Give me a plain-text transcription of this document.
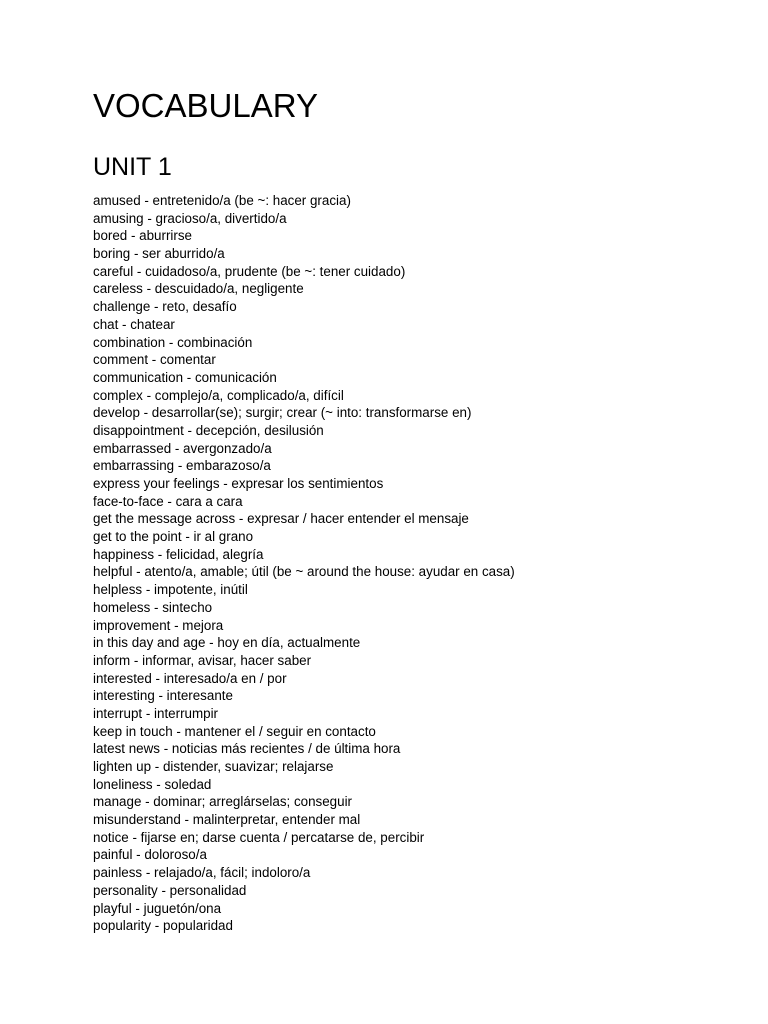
VOCABULARY
UNIT 1
amused - entretenido/a (be ~: hacer gracia)
amusing - gracioso/a, divertido/a
bored - aburrirse
boring - ser aburrido/a
careful - cuidadoso/a, prudente (be ~: tener cuidado)
careless - descuidado/a, negligente
challenge - reto, desafío
chat - chatear
combination - combinación
comment - comentar
communication - comunicación
complex - complejo/a, complicado/a, difícil
develop - desarrollar(se); surgir; crear (~ into: transformarse en)
disappointment - decepción, desilusión
embarrassed - avergonzado/a
embarrassing - embarazoso/a
express your feelings - expresar los sentimientos
face-to-face - cara a cara
get the message across - expresar / hacer entender el mensaje
get to the point - ir al grano
happiness - felicidad, alegría
helpful - atento/a, amable; útil (be ~ around the house: ayudar en casa)
helpless - impotente, inútil
homeless - sintecho
improvement - mejora
in this day and age - hoy en día, actualmente
inform - informar, avisar, hacer saber
interested - interesado/a en / por
interesting - interesante
interrupt - interrumpir
keep in touch - mantener el / seguir en contacto
latest news - noticias más recientes / de última hora
lighten up - distender, suavizar; relajarse
loneliness - soledad
manage - dominar; arreglárselas; conseguir
misunderstand - malinterpretar, entender mal
notice - fijarse en; darse cuenta / percatarse de, percibir
painful - doloroso/a
painless - relajado/a, fácil; indoloro/a
personality - personalidad
playful - juguetón/ona
popularity - popularidad
